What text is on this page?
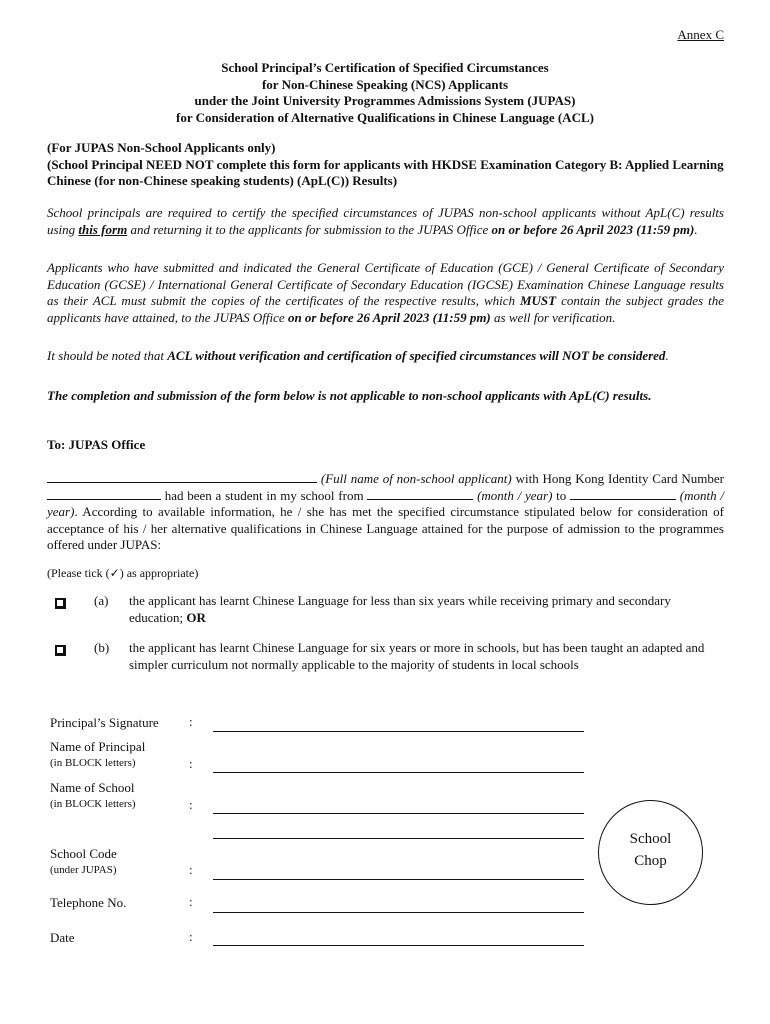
Annex C
School Principal’s Certification of Specified Circumstances
for Non-Chinese Speaking (NCS) Applicants
under the Joint University Programmes Admissions System (JUPAS)
for Consideration of Alternative Qualifications in Chinese Language (ACL)
(For JUPAS Non-School Applicants only)
(School Principal NEED NOT complete this form for applicants with HKDSE Examination Category B: Applied Learning Chinese (for non-Chinese speaking students) (ApL(C)) Results)
School principals are required to certify the specified circumstances of JUPAS non-school applicants without ApL(C) results using this form and returning it to the applicants for submission to the JUPAS Office on or before 26 April 2023 (11:59 pm).
Applicants who have submitted and indicated the General Certificate of Education (GCE) / General Certificate of Secondary Education (GCSE) / International General Certificate of Secondary Education (IGCSE) Examination Chinese Language results as their ACL must submit the copies of the certificates of the respective results, which MUST contain the subject grades the applicants have attained, to the JUPAS Office on or before 26 April 2023 (11:59 pm) as well for verification.
It should be noted that ACL without verification and certification of specified circumstances will NOT be considered.
The completion and submission of the form below is not applicable to non-school applicants with ApL(C) results.
To: JUPAS Office
(Full name of non-school applicant) with Hong Kong Identity Card Number  had been a student in my school from	(month / year) to	(month / year). According to available information, he / she has met the specified circumstance stipulated below for consideration of acceptance of his / her alternative qualifications in Chinese Language attained for the purpose of admission to the programmes offered under JUPAS:
(Please tick (✓) as appropriate)
(a) the applicant has learnt Chinese Language for less than six years while receiving primary and secondary education; OR
(b) the applicant has learnt Chinese Language for six years or more in schools, but has been taught an adapted and simpler curriculum not normally applicable to the majority of students in local schools
Principal’s Signature :
Name of Principal
(in BLOCK letters)	:
Name of School
(in BLOCK letters)	:
School Code
(under JUPAS)	:
Telephone No.	:
Date	:
School
Chop
